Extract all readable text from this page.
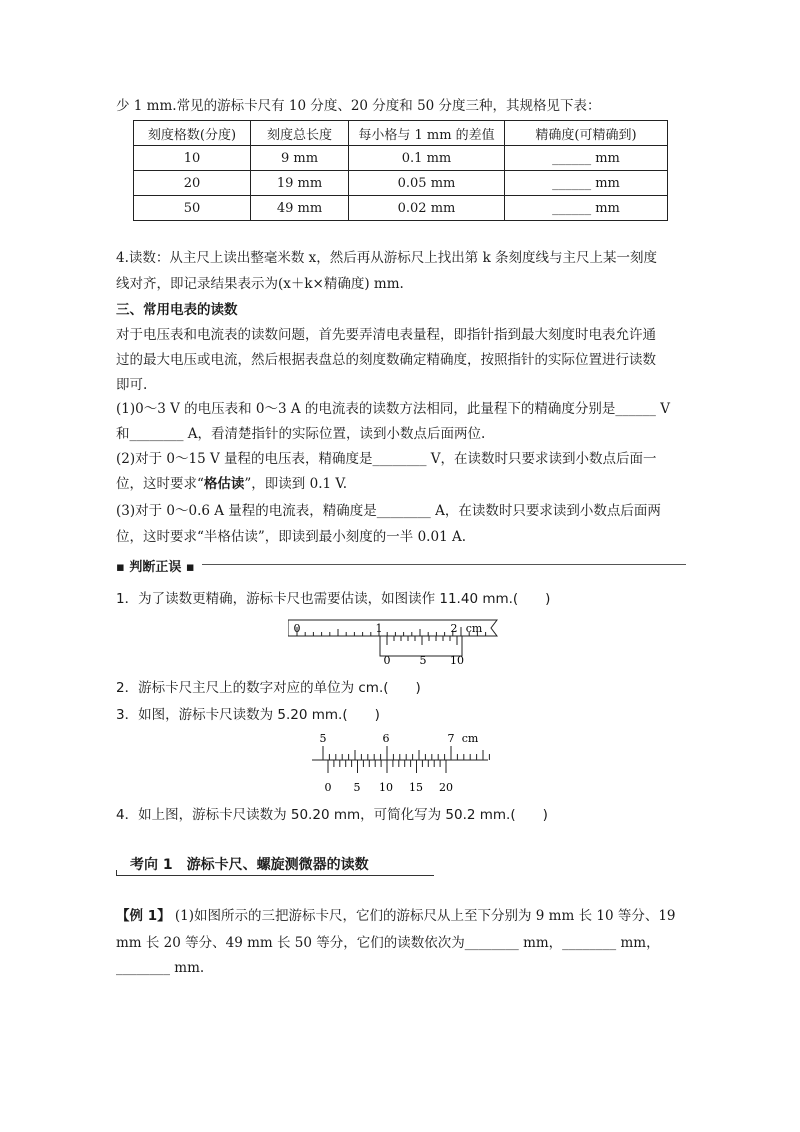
少 1 mm.常见的游标卡尺有 10 分度、20 分度和 50 分度三种，其规格见下表：
刻度格数(分度)	刻度总长度	每小格与 1 mm 的差值	精确度(可精确到)
10	9 mm	0.1 mm	______ mm
20	19 mm	0.05 mm	______ mm
50	49 mm	0.02 mm	______ mm
4.读数：从主尺上读出整毫米数 x，然后再从游标尺上找出第 k 条刻度线与主尺上某一刻度
线对齐，即记录结果表示为(x＋k×精确度) mm.
三、常用电表的读数
对于电压表和电流表的读数问题，首先要弄清电表量程，即指针指到最大刻度时电表允许通
过的最大电压或电流，然后根据表盘总的刻度数确定精确度，按照指针的实际位置进行读数
即可.
(1)0～3 V 的电压表和 0～3 A 的电流表的读数方法相同，此量程下的精确度分别是______ V
和________ A，看清楚指针的实际位置，读到小数点后面两位.
(2)对于 0～15 V 量程的电压表，精确度是________ V，在读数时只要求读到小数点后面一
位，这时要求“格估读”，即读到 0.1 V.
(3)对于 0～0.6 A 量程的电流表，精确度是________ A，在读数时只要求读到小数点后面两
位，这时要求“半格估读”，即读到最小刻度的一半 0.01 A.
▪ 判断正误 ▪
1．为了读数更精确，游标卡尺也需要估读，如图读作 11.40 mm.(　　)
0	1	2 cm
0	5 10
2．游标卡尺主尺上的数字对应的单位为 cm.(　　)
3．如图，游标卡尺读数为 5.20 mm.(　　)
5	6	7 cm
0 5 10 15 20
4．如上图，游标卡尺读数为 50.20 mm，可简化写为 50.2 mm.(　　)
考向 1　游标卡尺、螺旋测微器的读数
【例 1】 (1)如图所示的三把游标卡尺，它们的游标尺从上至下分别为 9 mm 长 10 等分、19
mm 长 20 等分、49 mm 长 50 等分，它们的读数依次为________ mm，________ mm，
________ mm.
